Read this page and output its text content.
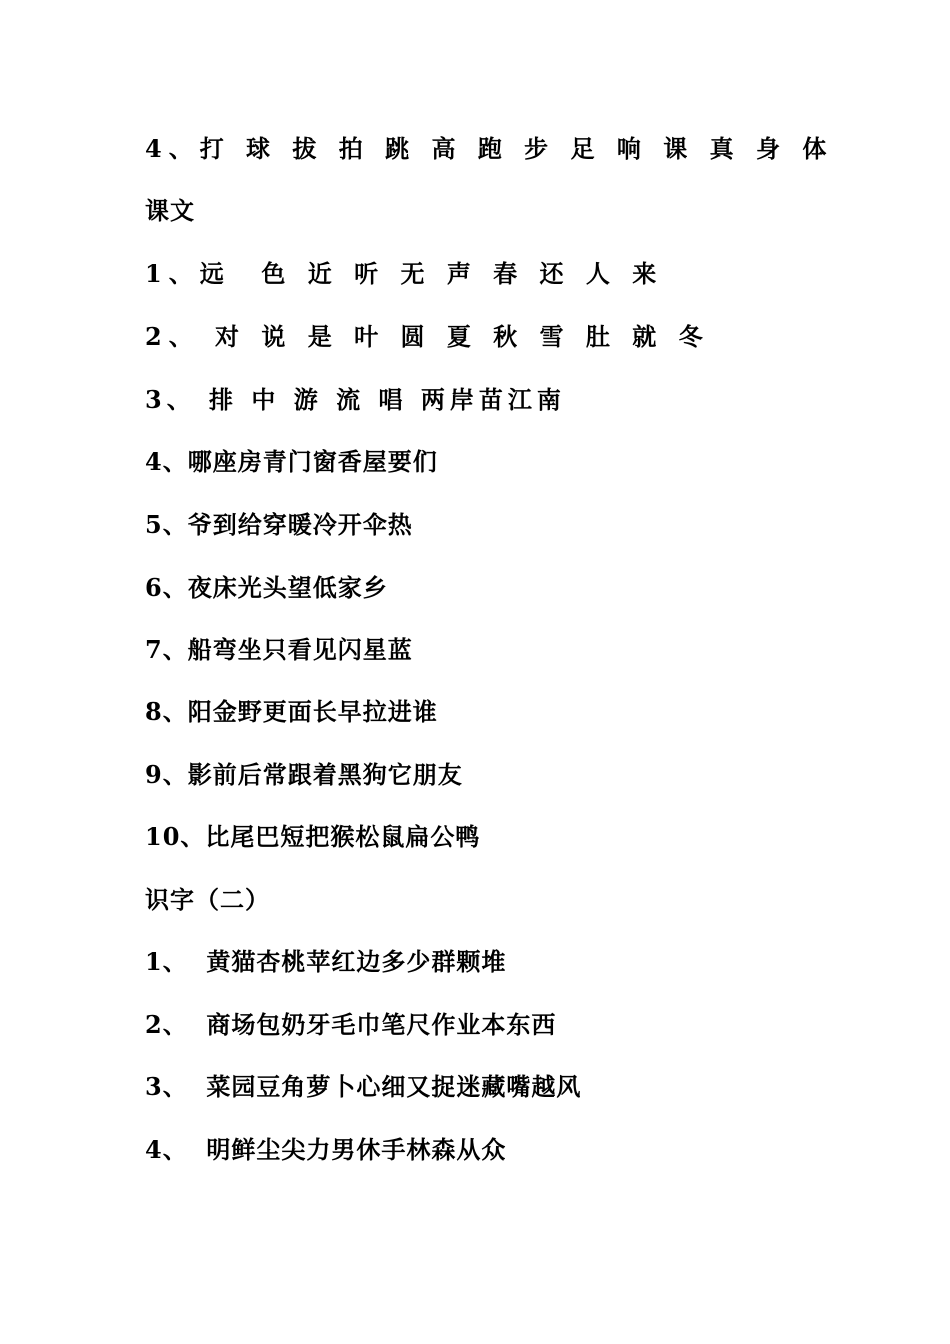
4、打 球 拔 拍 跳 高 跑 步 足 响 课 真 身 体
课文
1、远  色 近 听 无 声 春 还 人 来
2、 对 说 是 叶 圆 夏 秋 雪 肚 就 冬
3、 排 中 游 流 唱 两岸苗江南
4、哪座房青门窗香屋要们
5、爷到给穿暖冷开伞热
6、夜床光头望低家乡
7、船弯坐只看见闪星蓝
8、阳金野更面长早拉进谁
9、影前后常跟着黑狗它朋友
10、比尾巴短把猴松鼠扁公鸭
识字（二）
1、  黄猫杏桃苹红边多少群颗堆
2、  商场包奶牙毛巾笔尺作业本东西
3、  菜园豆角萝卜心细又捉迷藏嘴越风
4、  明鲜尘尖力男休手林森从众
